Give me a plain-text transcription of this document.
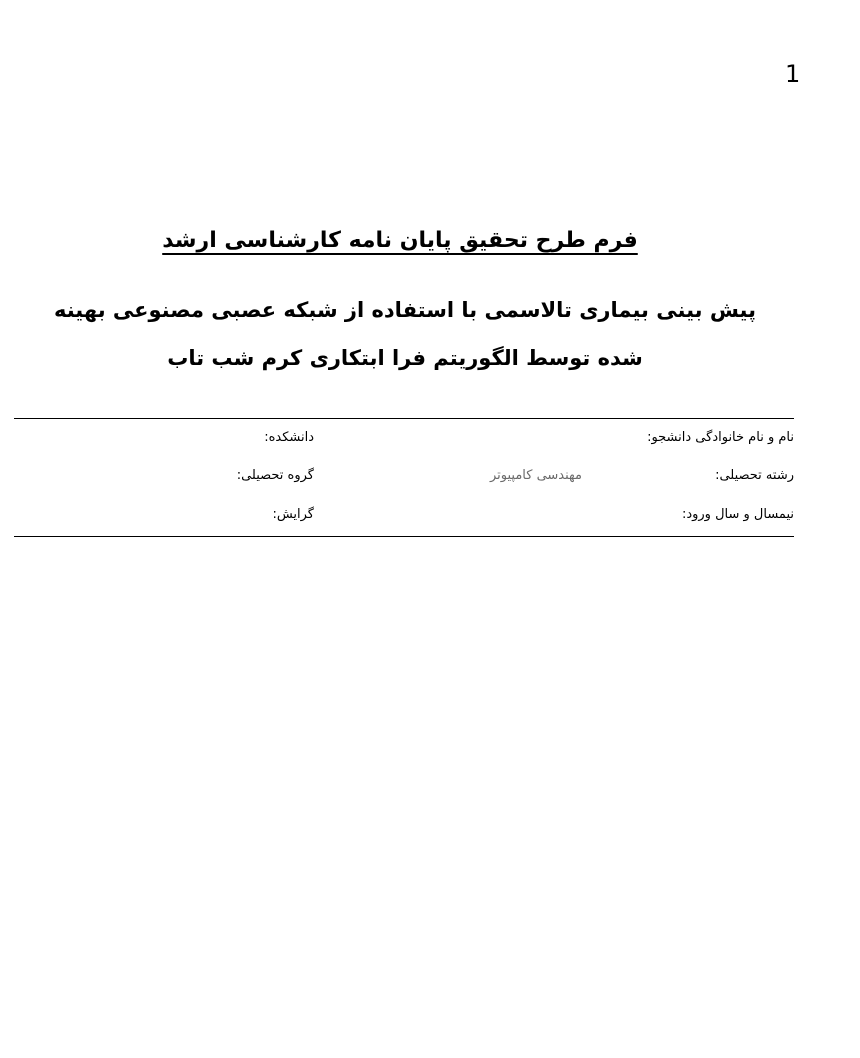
1
فرم طرح تحقیق پایان نامه کارشناسی ارشد
پیش بینی بیماری تالاسمی با استفاده از شبکه عصبی مصنوعی بهینه شده توسط الگوریتم فرا ابتکاری کرم شب تاب
نام و نام خانوادگی دانشجو:
دانشکده:
رشته تحصیلی:
مهندسی کامپیوتر
گروه تحصیلی:
نیمسال و سال ورود:
گرایش:
